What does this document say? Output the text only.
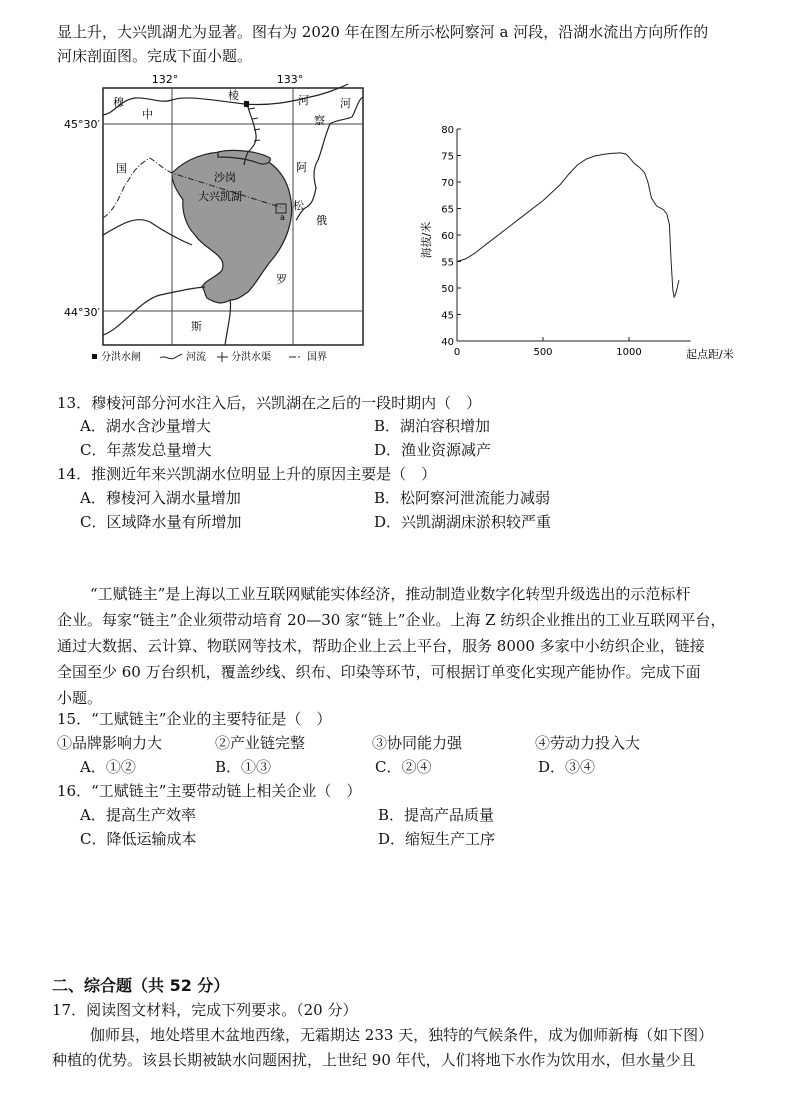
显上升，大兴凯湖尤为显著。图右为 2020 年在图左所示松阿察河 a 河段，沿湖水流出方向所作的
河床剖面图。完成下面小题。
132°	133°
45°30′
44°30′
穆
中
棱	河	河
察
国	阿
松
俄
罗
斯
沙岗
大兴凯湖
a
分洪水闸	河流	分洪水渠	国界
40
45
50
55
60
65
70
75
80
0	500	1000
海拔/米
起点距/米
13．穆棱河部分河水注入后，兴凯湖在之后的一段时期内（　）
A．湖水含沙量增大	B．湖泊容积增加
C．年蒸发总量增大	D．渔业资源减产
14．推测近年来兴凯湖水位明显上升的原因主要是（　）
A．穆棱河入湖水量增加	B．松阿察河泄流能力减弱
C．区域降水量有所增加	D．兴凯湖湖床淤积较严重
“工赋链主”是上海以工业互联网赋能实体经济，推动制造业数字化转型升级选出的示范标杆
企业。每家“链主”企业须带动培育 20—30 家“链上”企业。上海 Z 纺织企业推出的工业互联网平台，
通过大数据、云计算、物联网等技术，帮助企业上云上平台，服务 8000 多家中小纺织企业，链接
全国至少 60 万台织机，覆盖纱线、织布、印染等环节，可根据订单变化实现产能协作。完成下面
小题。
15．“工赋链主”企业的主要特征是（　）
①品牌影响力大	②产业链完整	③协同能力强	④劳动力投入大
A．①②	B．①③	C．②④	D．③④
16．“工赋链主”主要带动链上相关企业（　）
A．提高生产效率	B．提高产品质量
C．降低运输成本	D．缩短生产工序
二、综合题（共 52 分）
17．阅读图文材料，完成下列要求。（20 分）
伽师县，地处塔里木盆地西缘，无霜期达 233 天，独特的气候条件，成为伽师新梅（如下图）
种植的优势。该县长期被缺水问题困扰，上世纪 90 年代，人们将地下水作为饮用水，但水量少且
